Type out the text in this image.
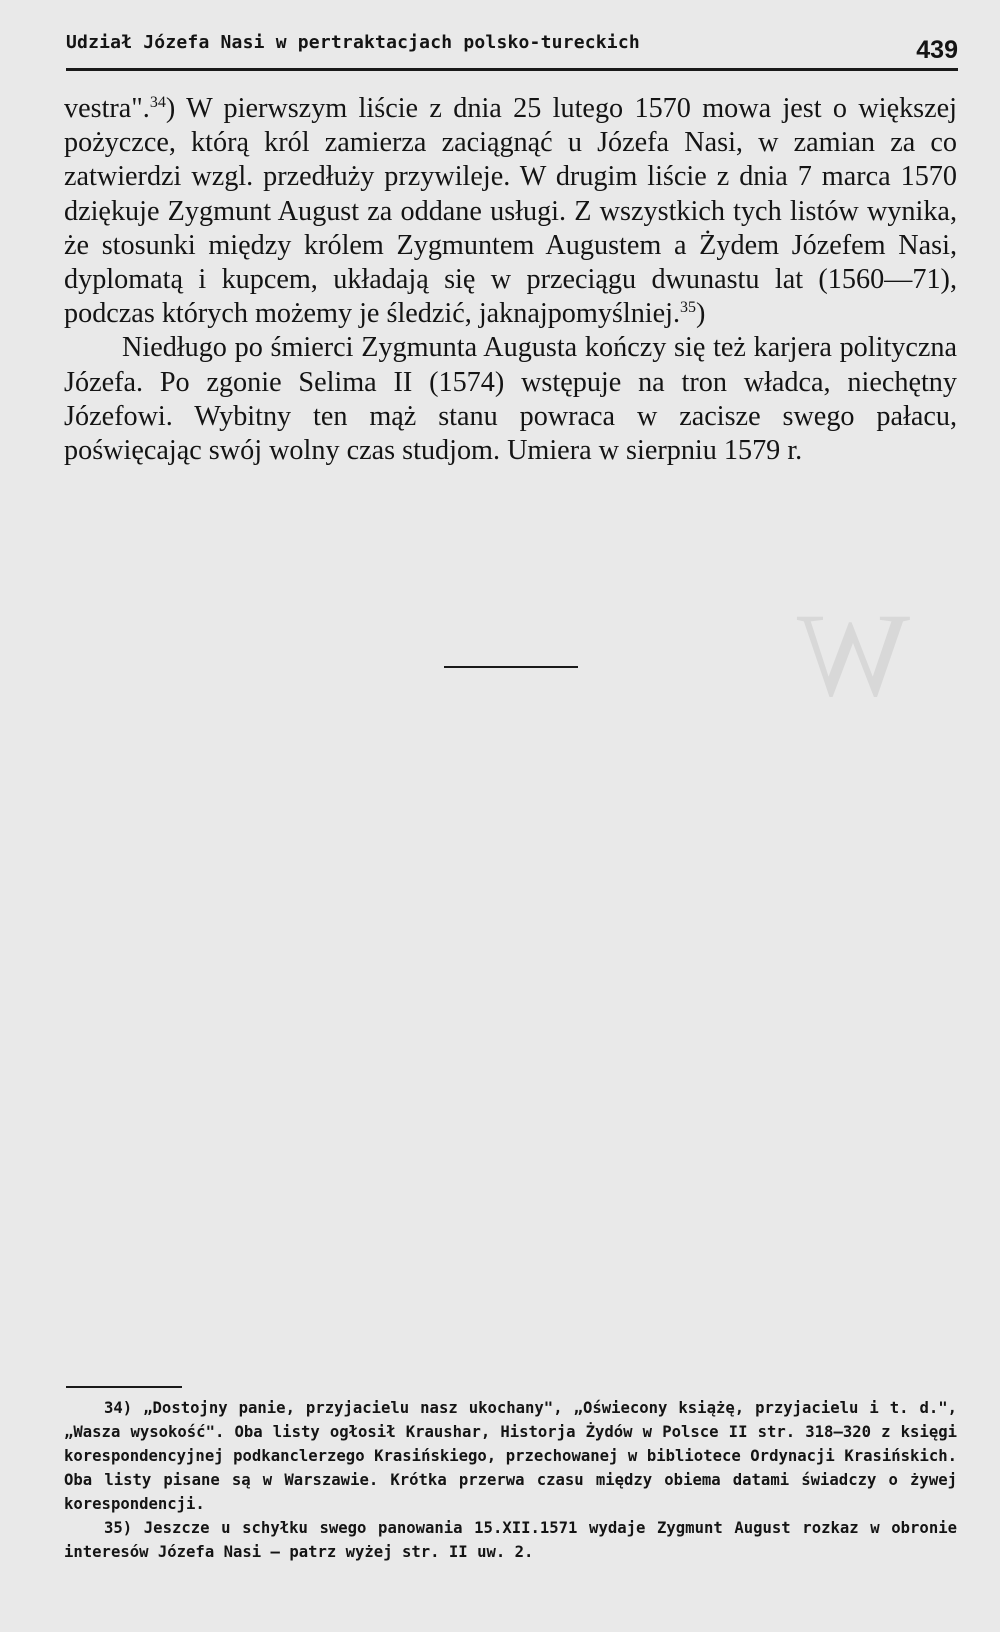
W
Udział Józefa Nasi w pertraktacjach polsko-tureckich	439

vestra".$^{34}$) W pierwszym liście z dnia 25 lutego 1570 mowa jest o większej pożyczce, którą król zamierza zaciągnąć u Józefa Nasi, w zamian za co zatwierdzi wzgl. przedłuży przywileje. W drugim liście z dnia 7 marca 1570 dziękuje Zygmunt August za oddane usługi. Z wszystkich tych listów wynika, że stosunki między królem Zygmuntem Augustem a Żydem Józefem Nasi, dyplomatą i kupcem, układają się w przeciągu dwunastu lat (1560—71), podczas których możemy je śledzić, jaknajpomyślniej.$^{35}$)

Niedługo po śmierci Zygmunta Augusta kończy się też karjera polityczna Józefa. Po zgonie Selima II (1574) wstępuje na tron władca, niechętny Józefowi. Wybitny ten mąż stanu powraca w zacisze swego pałacu, poświęcając swój wolny czas studjom. Umiera w sierpniu 1579 r.

34) „Dostojny panie, przyjacielu nasz ukochany", „Oświecony książę, przyjacielu i t. d.", „Wasza wysokość". Oba listy ogłosił Kraushar, Historja Żydów w Polsce II str. 318—320 z księgi korespondencyjnej podkanclerzego Krasińskiego, przechowanej w bibliotece Ordynacji Krasińskich. Oba listy pisane są w Warszawie. Krótka przerwa czasu między obiema datami świadczy o żywej korespondencji.

35) Jeszcze u schyłku swego panowania 15.XII.1571 wydaje Zygmunt August rozkaz w obronie interesów Józefa Nasi — patrz wyżej str. II uw. 2.
